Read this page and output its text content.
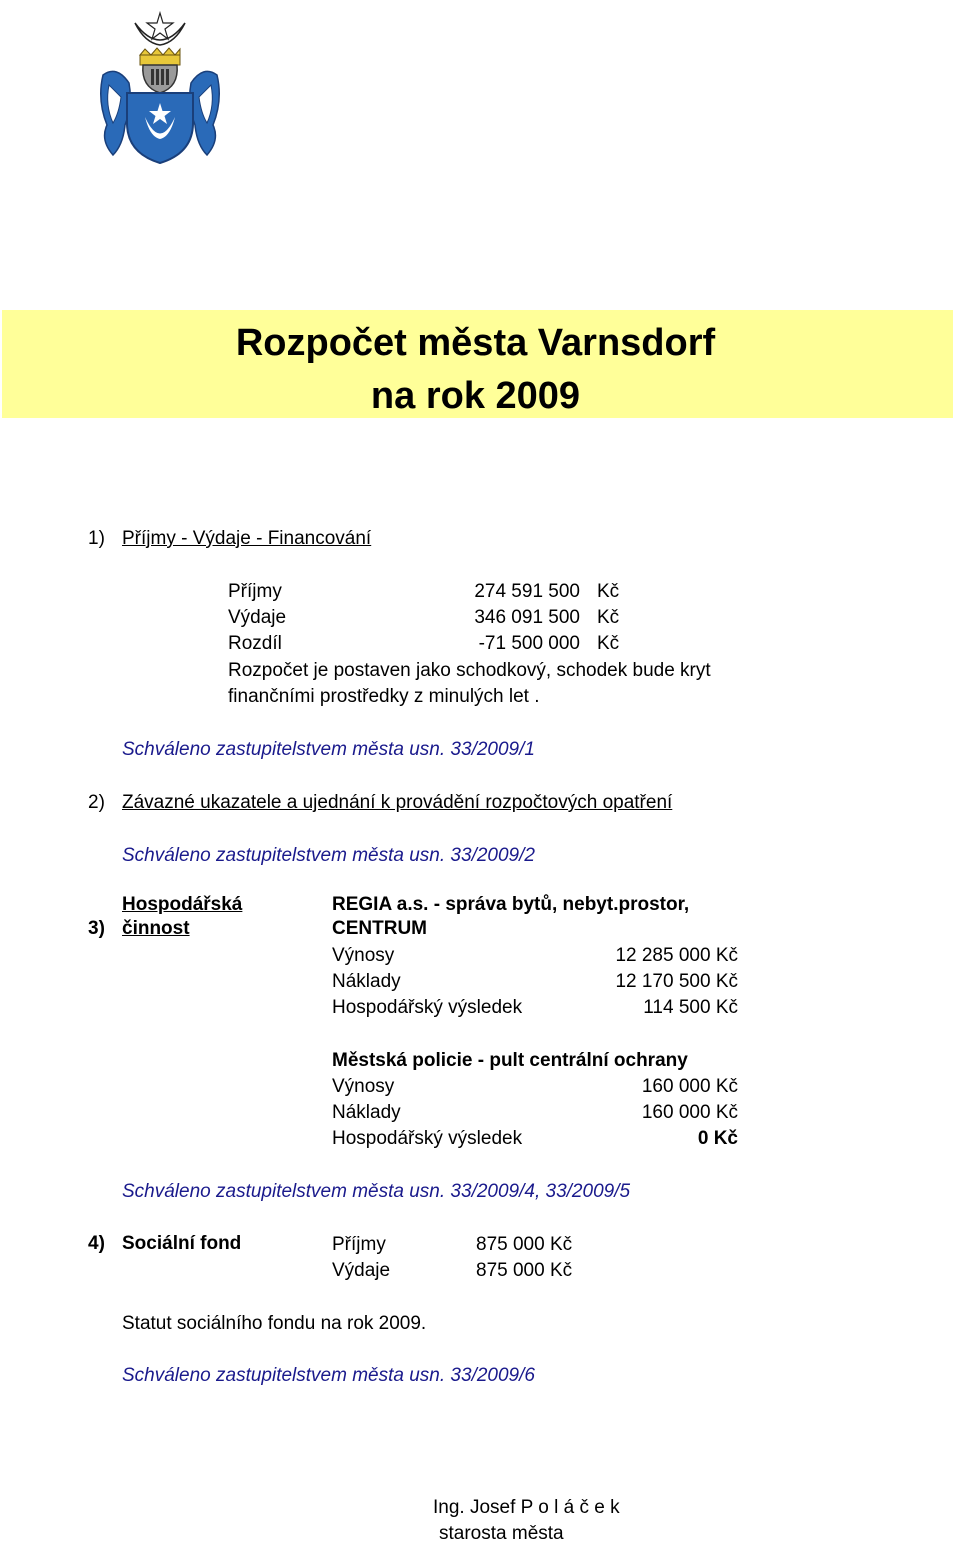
Rozpočet města Varnsdorf
na rok 2009
1) Příjmy - Výdaje - Financování
Příjmy	274 591 500 Kč
Výdaje	346 091 500 Kč
Rozdíl	-71 500 000 Kč
Rozpočet je postaven jako schodkový, schodek bude kryt
finančními prostředky z minulých let .
Schváleno zastupitelstvem města usn. 33/2009/1
2) Závazné ukazatele a ujednání k provádění rozpočtových opatření
Schváleno zastupitelstvem města usn. 33/2009/2
Hospodářská
3) činnost
REGIA a.s. - správa bytů, nebyt.prostor,
CENTRUM
Výnosy	12 285 000 Kč
Náklady	12 170 500 Kč
Hospodářský výsledek	114 500 Kč
Městská policie - pult centrální ochrany
Výnosy	160 000 Kč
Náklady	160 000 Kč
Hospodářský výsledek	0 Kč
Schváleno zastupitelstvem města usn. 33/2009/4, 33/2009/5
4) Sociální fond	Příjmy	875 000 Kč
Výdaje	875 000 Kč
Statut sociálního fondu na rok 2009.
Schváleno zastupitelstvem města usn. 33/2009/6
Ing. Josef P o l á č e k
starosta města
